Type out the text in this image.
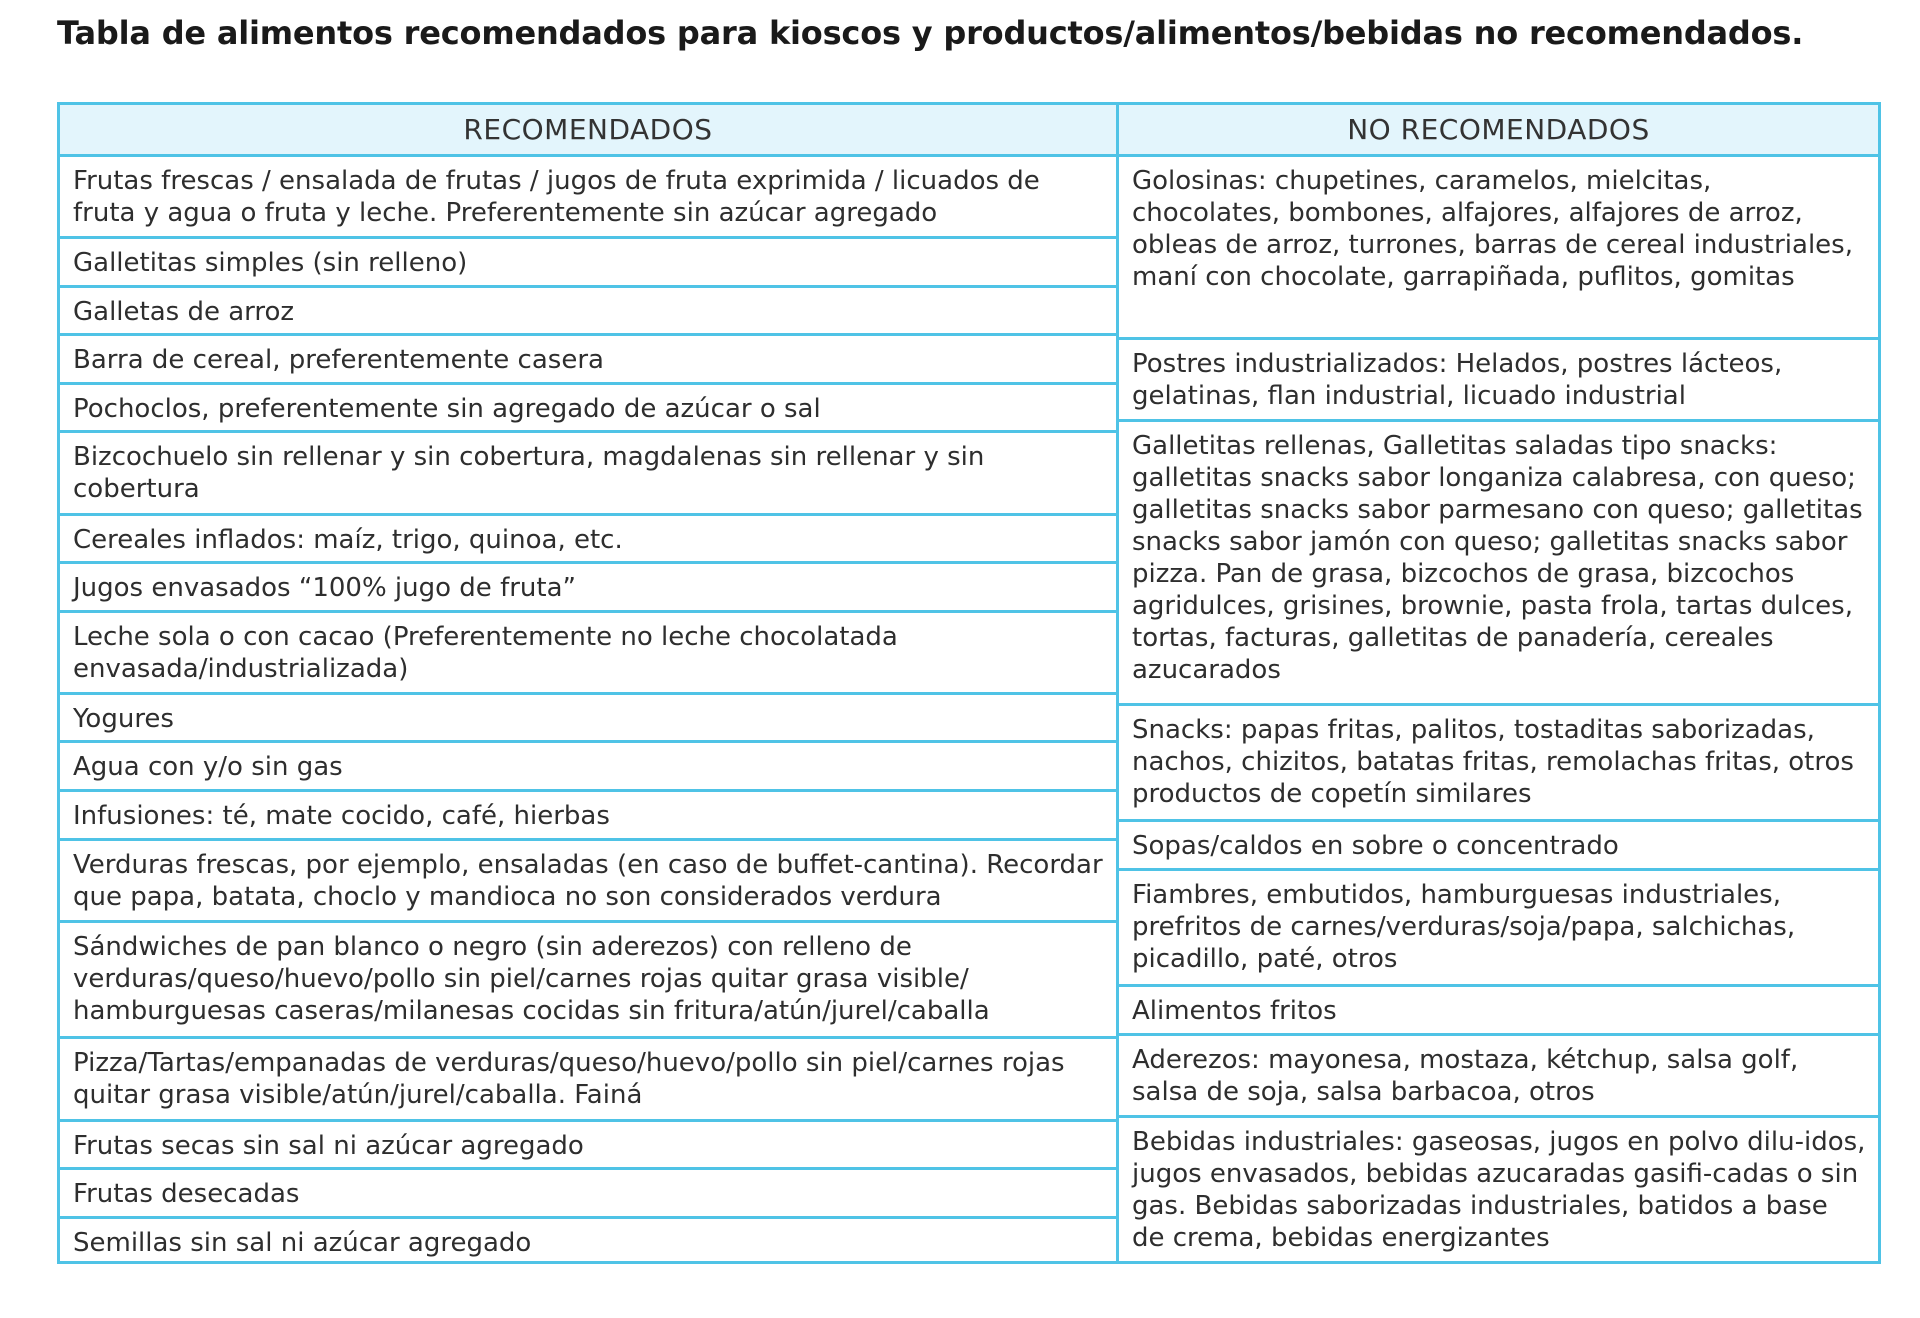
Tabla de alimentos recomendados para kioscos y productos/alimentos/bebidas no recomendados.
RECOMENDADOS
Frutas frescas / ensalada de frutas / jugos de fruta exprimida / licuados de fruta y agua o fruta y leche. Preferentemente sin azúcar agregado
Galletitas simples (sin relleno)
Galletas de arroz
Barra de cereal, preferentemente casera
Pochoclos, preferentemente sin agregado de azúcar o sal
Bizcochuelo sin rellenar y sin cobertura, magdalenas sin rellenar y sin cobertura
Cereales inflados: maíz, trigo, quinoa, etc.
Jugos envasados “100% jugo de fruta”
Leche sola o con cacao (Preferentemente no leche chocolatada envasada/industrializada)
Yogures
Agua con y/o sin gas
Infusiones: té, mate cocido, café, hierbas
Verduras frescas, por ejemplo, ensaladas (en caso de buffet-cantina). Recordar que papa, batata, choclo y mandioca no son considerados verdura
Sándwiches de pan blanco o negro (sin aderezos) con relleno de verduras/queso/huevo/pollo sin piel/carnes rojas quitar grasa visible/ hamburguesas caseras/milanesas cocidas sin fritura/atún/jurel/caballa
Pizza/Tartas/empanadas de verduras/queso/huevo/pollo sin piel/carnes rojas quitar grasa visible/atún/jurel/caballa. Fainá
Frutas secas sin sal ni azúcar agregado
Frutas desecadas
Semillas sin sal ni azúcar agregado
NO RECOMENDADOS
Golosinas: chupetines, caramelos, mielcitas, chocolates, bombones, alfajores, alfajores de arroz, obleas de arroz, turrones, barras de cereal industriales, maní con chocolate, garrapiñada, puflitos, gomitas
Postres industrializados: Helados, postres lácteos, gelatinas, flan industrial, licuado industrial
Galletitas rellenas, Galletitas saladas tipo snacks: galletitas snacks sabor longaniza calabresa, con queso; galletitas snacks sabor parmesano con queso; galletitas snacks sabor jamón con queso; galletitas snacks sabor pizza. Pan de grasa, bizcochos de grasa, bizcochos agridulces, grisines, brownie, pasta frola, tartas dulces, tortas, facturas, galletitas de panadería, cereales azucarados
Snacks: papas fritas, palitos, tostaditas saborizadas, nachos, chizitos, batatas fritas, remolachas fritas, otros productos de copetín similares
Sopas/caldos en sobre o concentrado
Fiambres, embutidos, hamburguesas industriales, prefritos de carnes/verduras/soja/papa, salchichas, picadillo, paté, otros
Alimentos fritos
Aderezos: mayonesa, mostaza, kétchup, salsa golf, salsa de soja, salsa barbacoa, otros
Bebidas industriales: gaseosas, jugos en polvo dilu-idos, jugos envasados, bebidas azucaradas gasifi-cadas o sin gas. Bebidas saborizadas industriales, batidos a base de crema, bebidas energizantes
